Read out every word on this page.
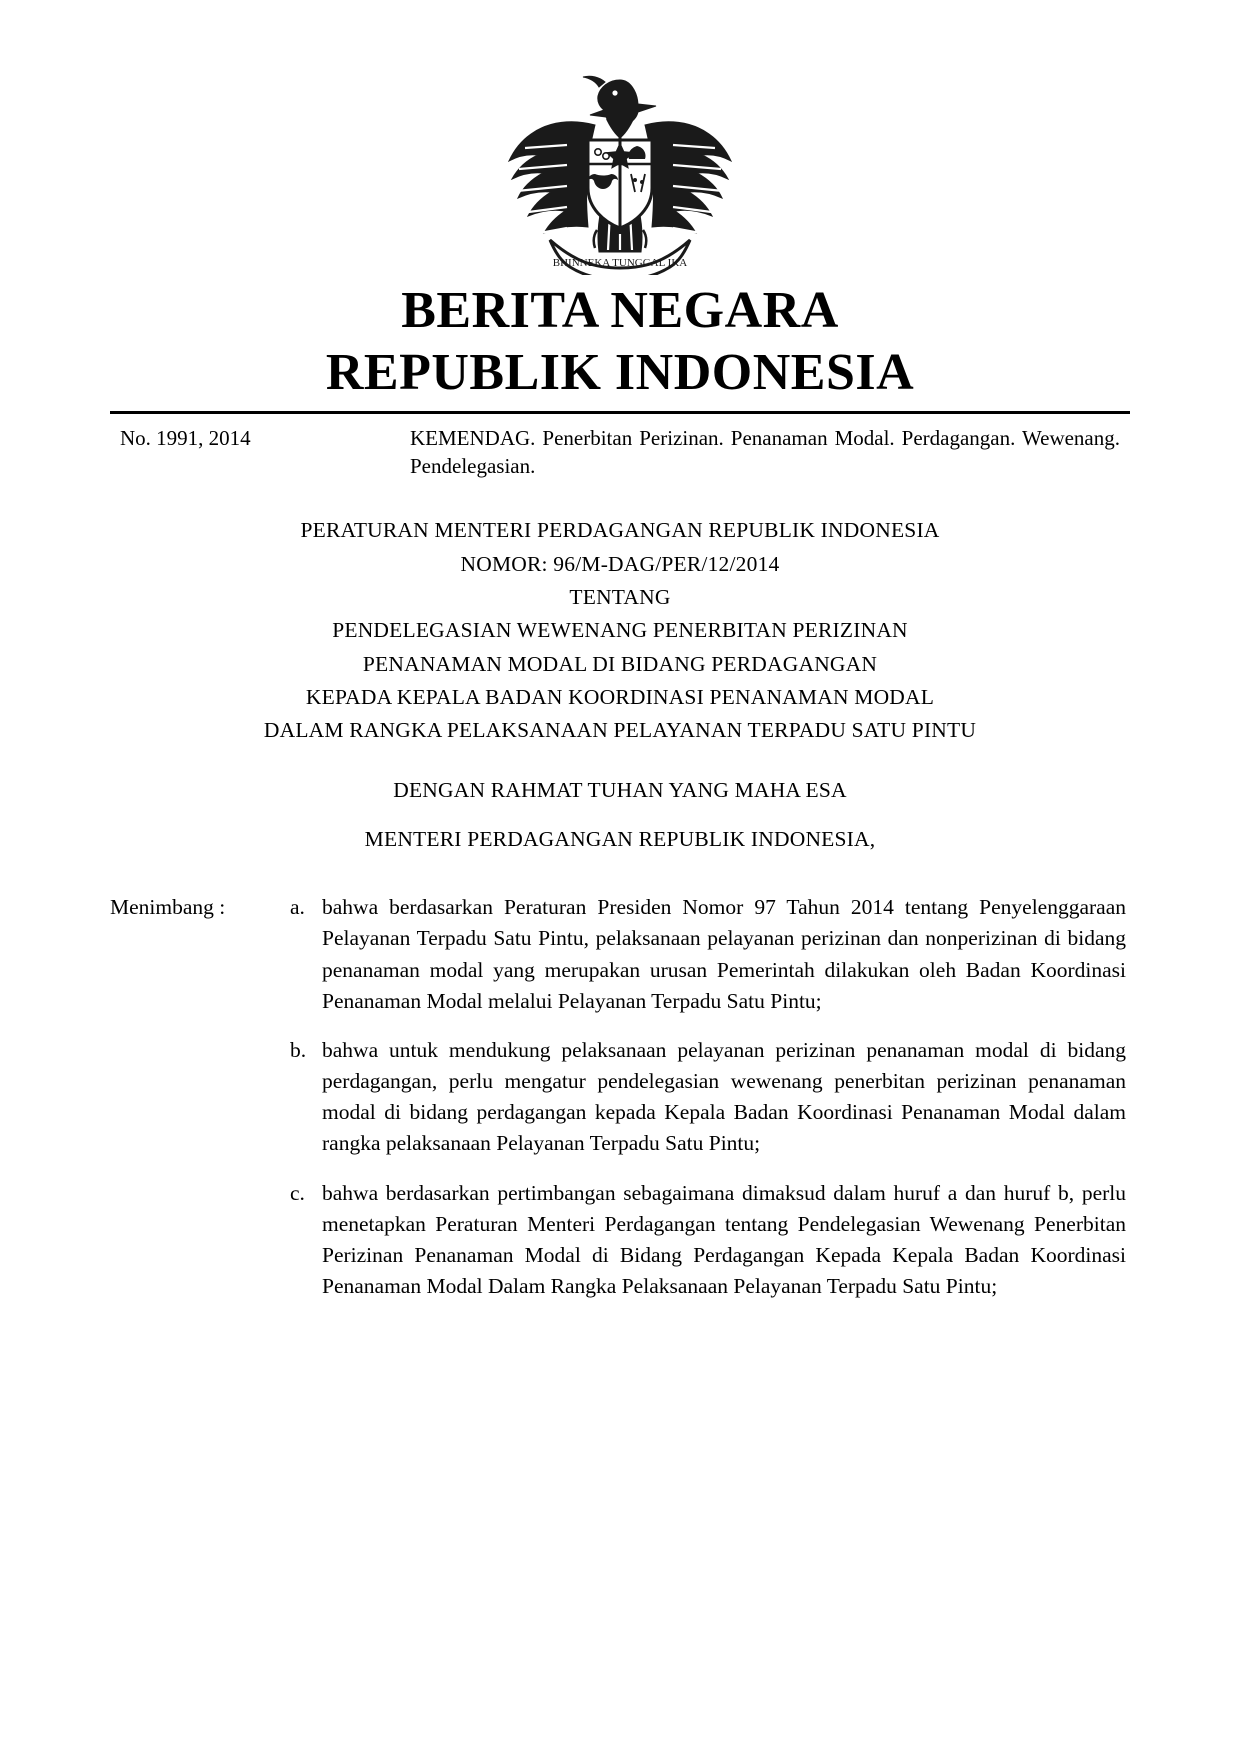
BHINNEKA TUNGGAL IKA
BERITA NEGARA
REPUBLIK INDONESIA
No. 1991, 2014	KEMENDAG. Penerbitan Perizinan. Penanaman Modal. Perdagangan. Wewenang. Pendelegasian.
PERATURAN MENTERI PERDAGANGAN REPUBLIK INDONESIA
NOMOR: 96/M-DAG/PER/12/2014
TENTANG
PENDELEGASIAN WEWENANG PENERBITAN PERIZINAN
PENANAMAN MODAL DI BIDANG PERDAGANGAN
KEPADA KEPALA BADAN KOORDINASI PENANAMAN MODAL
DALAM RANGKA PELAKSANAAN PELAYANAN TERPADU SATU PINTU
DENGAN RAHMAT TUHAN YANG MAHA ESA
MENTERI PERDAGANGAN REPUBLIK INDONESIA,
Menimbang :	a. bahwa berdasarkan Peraturan Presiden Nomor 97 Tahun 2014 tentang Penyelenggaraan Pelayanan Terpadu Satu Pintu, pelaksanaan pelayanan perizinan dan nonperizinan di bidang penanaman modal yang merupakan urusan Pemerintah dilakukan oleh Badan Koordinasi Penanaman Modal melalui Pelayanan Terpadu Satu Pintu;
b. bahwa untuk mendukung pelaksanaan pelayanan perizinan penanaman modal di bidang perdagangan, perlu mengatur pendelegasian wewenang penerbitan perizinan penanaman modal di bidang perdagangan kepada Kepala Badan Koordinasi Penanaman Modal dalam rangka pelaksanaan Pelayanan Terpadu Satu Pintu;
c. bahwa berdasarkan pertimbangan sebagaimana dimaksud dalam huruf a dan huruf b, perlu menetapkan Peraturan Menteri Perdagangan tentang Pendelegasian Wewenang Penerbitan Perizinan Penanaman Modal di Bidang Perdagangan Kepada Kepala Badan Koordinasi Penanaman Modal Dalam Rangka Pelaksanaan Pelayanan Terpadu Satu Pintu;
